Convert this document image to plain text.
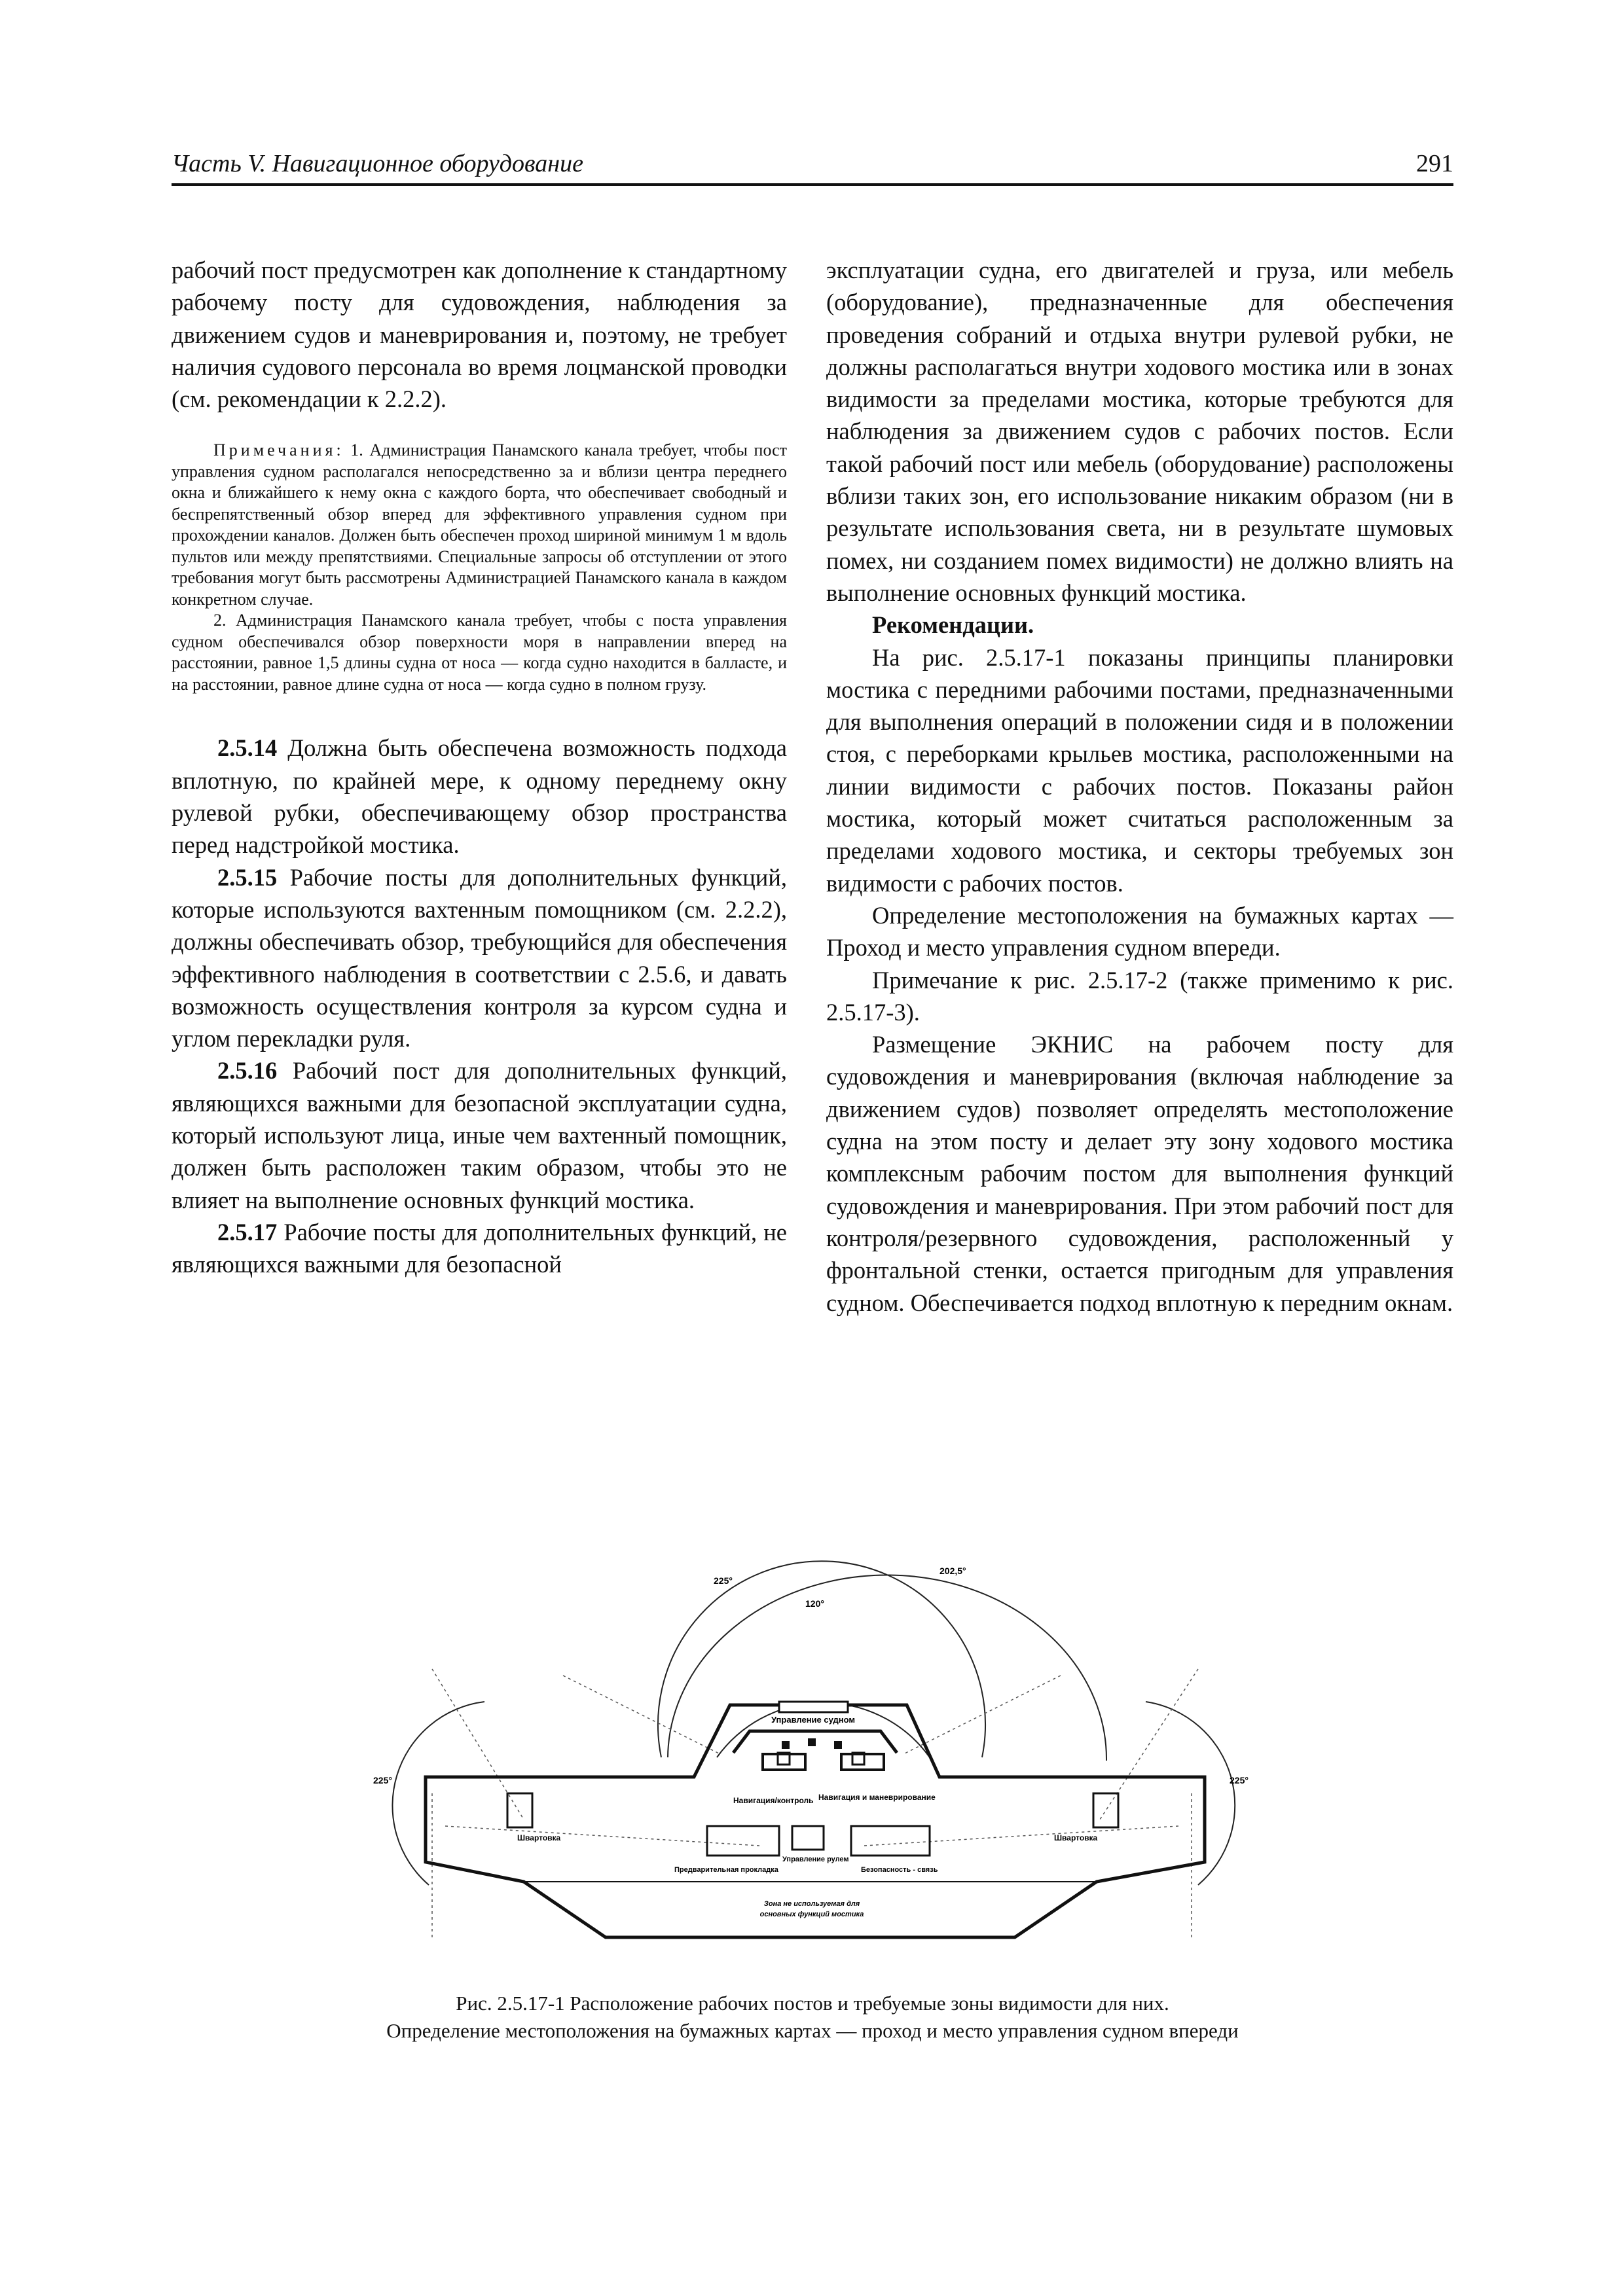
Часть V. Навигационное оборудование	291

рабочий пост предусмотрен как дополнение к стандартному рабочему посту для судовождения, наблюдения за движением судов и маневрирования и, поэтому, не требует наличия судового персонала во время лоцманской проводки (см. рекомендации к 2.2.2).

Примечания: 1. Администрация Панамского канала требует, чтобы пост управления судном располагался непосредственно за и вблизи центра переднего окна и ближайшего к нему окна с каждого борта, что обеспечивает свободный и беспрепятственный обзор вперед для эффективного управления судном при прохождении каналов. Должен быть обеспечен проход шириной минимум 1 м вдоль пультов или между препятствиями. Специальные запросы об отступлении от этого требования могут быть рассмотрены Администрацией Панамского канала в каждом конкретном случае.

2. Администрация Панамского канала требует, чтобы с поста управления судном обеспечивался обзор поверхности моря в направлении вперед на расстоянии, равное 1,5 длины судна от носа — когда судно находится в балласте, и на расстоянии, равное длине судна от носа — когда судно в полном грузу.

2.5.14 Должна быть обеспечена возможность подхода вплотную, по крайней мере, к одному переднему окну рулевой рубки, обеспечивающему обзор пространства перед надстройкой мостика.

2.5.15 Рабочие посты для дополнительных функций, которые используются вахтенным помощником (см. 2.2.2), должны обеспечивать обзор, требующийся для обеспечения эффективного наблюдения в соответствии с 2.5.6, и давать возможность осуществления контроля за курсом судна и углом перекладки руля.

2.5.16 Рабочий пост для дополнительных функций, являющихся важными для безопасной эксплуатации судна, который используют лица, иные чем вахтенный помощник, должен быть расположен таким образом, чтобы это не влияет на выполнение основных функций мостика.

2.5.17 Рабочие посты для дополнительных функций, не являющихся важными для безопасной

эксплуатации судна, его двигателей и груза, или мебель (оборудование), предназначенные для обеспечения проведения собраний и отдыха внутри рулевой рубки, не должны располагаться внутри ходового мостика или в зонах видимости за пределами мостика, которые требуются для наблюдения за движением судов с рабочих постов. Если такой рабочий пост или мебель (оборудование) расположены вблизи таких зон, его использование никаким образом (ни в результате использования света, ни в результате шумовых помех, ни созданием помех видимости) не должно влиять на выполнение основных функций мостика.

Рекомендации.

На рис. 2.5.17-1 показаны принципы планировки мостика с передними рабочими постами, предназначенными для выполнения операций в положении сидя и в положении стоя, с переборками крыльев мостика, расположенными на линии видимости с рабочих постов. Показаны район мостика, который может считаться расположенным за пределами ходового мостика, и секторы требуемых зон видимости с рабочих постов.

Определение местоположения на бумажных картах — Проход и место управления судном впереди.

Примечание к рис. 2.5.17-2 (также применимо к рис. 2.5.17-3).

Размещение ЭКНИС на рабочем посту для судовождения и маневрирования (включая наблюдение за движением судов) позволяет определять местоположение судна на этом посту и делает эту зону ходового мостика комплексным рабочим постом для выполнения функций судовождения и маневрирования. При этом рабочий пост для контроля/резервного судовождения, расположенный у фронтальной стенки, остается пригодным для управления судном. Обеспечивается подход вплотную к передним окнам.

225°
120°
202,5°
225°	225°
Управление судном
Навигация/контроль Навигация и маневрирование
Швартовка	Швартовка
Управление рулем
Предварительная прокладка	Безопасность - связь
Зона не используемая для
основных функций мостика
Рис. 2.5.17-1 Расположение рабочих постов и требуемые зоны видимости для них.
Определение местоположения на бумажных картах — проход и место управления судном впереди
